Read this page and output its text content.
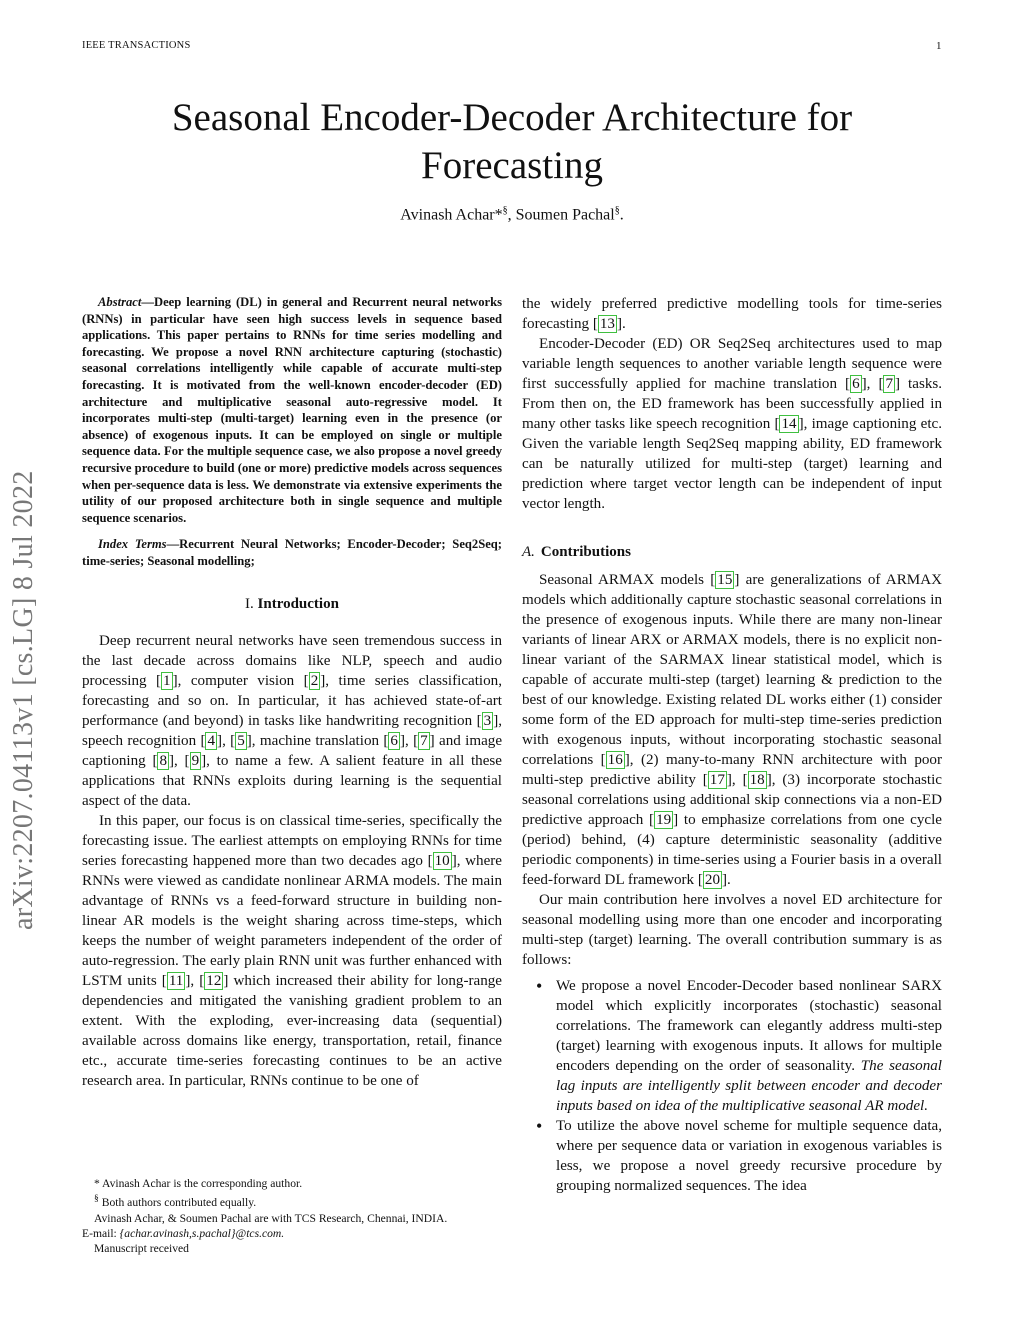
IEEE TRANSACTIONS	1
Seasonal Encoder-Decoder Architecture for
Forecasting
Avinash Achar*§, Soumen Pachal§.
arXiv:2207.04113v1 [cs.LG] 8 Jul 2022

Abstract—Deep learning (DL) in general and Recurrent neural networks (RNNs) in particular have seen high success levels in sequence based applications. This paper pertains to RNNs for time series modelling and forecasting. We propose a novel RNN architecture capturing (stochastic) seasonal correlations intelligently while capable of accurate multi-step forecasting. It is motivated from the well-known encoder-decoder (ED) architecture and multiplicative seasonal auto-regressive model. It incorporates multi-step (multi-target) learning even in the presence (or absence) of exogenous inputs. It can be employed on single or multiple sequence data. For the multiple sequence case, we also propose a novel greedy recursive procedure to build (one or more) predictive models across sequences when per-sequence data is less. We demonstrate via extensive experiments the utility of our proposed architecture both in single sequence and multiple sequence scenarios.

Index Terms—Recurrent Neural Networks; Encoder-Decoder; Seq2Seq; time-series; Seasonal modelling;

I. Introduction

Deep recurrent neural networks have seen tremendous success in the last decade across domains like NLP, speech and audio processing [ 1 ], computer vision [ 2 ], time series classification, forecasting and so on. In particular, it has achieved state-of-art performance (and beyond) in tasks like handwriting recognition [ 3 ], speech recognition [ 4 ], [ 5 ], machine translation [ 6 ], [ 7 ] and image captioning [ 8 ], [ 9 ], to name a few. A salient feature in all these applications that RNNs exploits during learning is the sequential aspect of the data.

In this paper, our focus is on classical time-series, specifically the forecasting issue. The earliest attempts on employing RNNs for time series forecasting happened more than two decades ago [ 10 ], where RNNs were viewed as candidate nonlinear ARMA models. The main advantage of RNNs vs a feed-forward structure in building non-linear AR models is the weight sharing across time-steps, which keeps the number of weight parameters independent of the order of auto-regression. The early plain RNN unit was further enhanced with LSTM units [ 11 ], [ 12 ] which increased their ability for long-range dependencies and mitigated the vanishing gradient problem to an extent. With the exploding, ever-increasing data (sequential) available across domains like energy, transportation, retail, finance etc., accurate time-series forecasting continues to be an active research area. In particular, RNNs continue to be one of

* Avinash Achar is the corresponding author.
§ Both authors contributed equally.
Avinash Achar, & Soumen Pachal are with TCS Research, Chennai, INDIA.
E-mail: {achar.avinash,s.pachal}@tcs.com.
Manuscript received

the widely preferred predictive modelling tools for time-series forecasting [ 13 ].

Encoder-Decoder (ED) OR Seq2Seq architectures used to map variable length sequences to another variable length sequence were first successfully applied for machine translation [ 6 ], [ 7 ] tasks. From then on, the ED framework has been successfully applied in many other tasks like speech recognition [ 14 ], image captioning etc. Given the variable length Seq2Seq mapping ability, ED framework can be naturally utilized for multi-step (target) learning and prediction where target vector length can be independent of input vector length.

A. Contributions

Seasonal ARMAX models [ 15 ] are generalizations of ARMAX models which additionally capture stochastic seasonal correlations in the presence of exogenous inputs. While there are many non-linear variants of linear ARX or ARMAX models, there is no explicit non-linear variant of the SARMAX linear statistical model, which is capable of accurate multi-step (target) learning & prediction to the best of our knowledge. Existing related DL works either (1) consider some form of the ED approach for multi-step time-series prediction with exogenous inputs, without incorporating stochastic seasonal correlations [ 16 ], (2) many-to-many RNN architecture with poor multi-step predictive ability [ 17 ], [ 18 ], (3) incorporate stochastic seasonal correlations using additional skip connections via a non-ED predictive approach [ 19 ] to emphasize correlations from one cycle (period) behind, (4) capture deterministic seasonality (additive periodic components) in time-series using a Fourier basis in a overall feed-forward DL framework [ 20 ].

Our main contribution here involves a novel ED architecture for seasonal modelling using more than one encoder and incorporating multi-step (target) learning. The overall contribution summary is as follows:

• We propose a novel Encoder-Decoder based nonlinear SARX model which explicitly incorporates (stochastic) seasonal correlations. The framework can elegantly address multi-step (target) learning with exogenous inputs. It allows for multiple encoders depending on the order of seasonality. The seasonal lag inputs are intelligently split between encoder and decoder inputs based on idea of the multiplicative seasonal AR model.
• To utilize the above novel scheme for multiple sequence data, where per sequence data or variation in exogenous variables is less, we propose a novel greedy recursive procedure by grouping normalized sequences. The idea
